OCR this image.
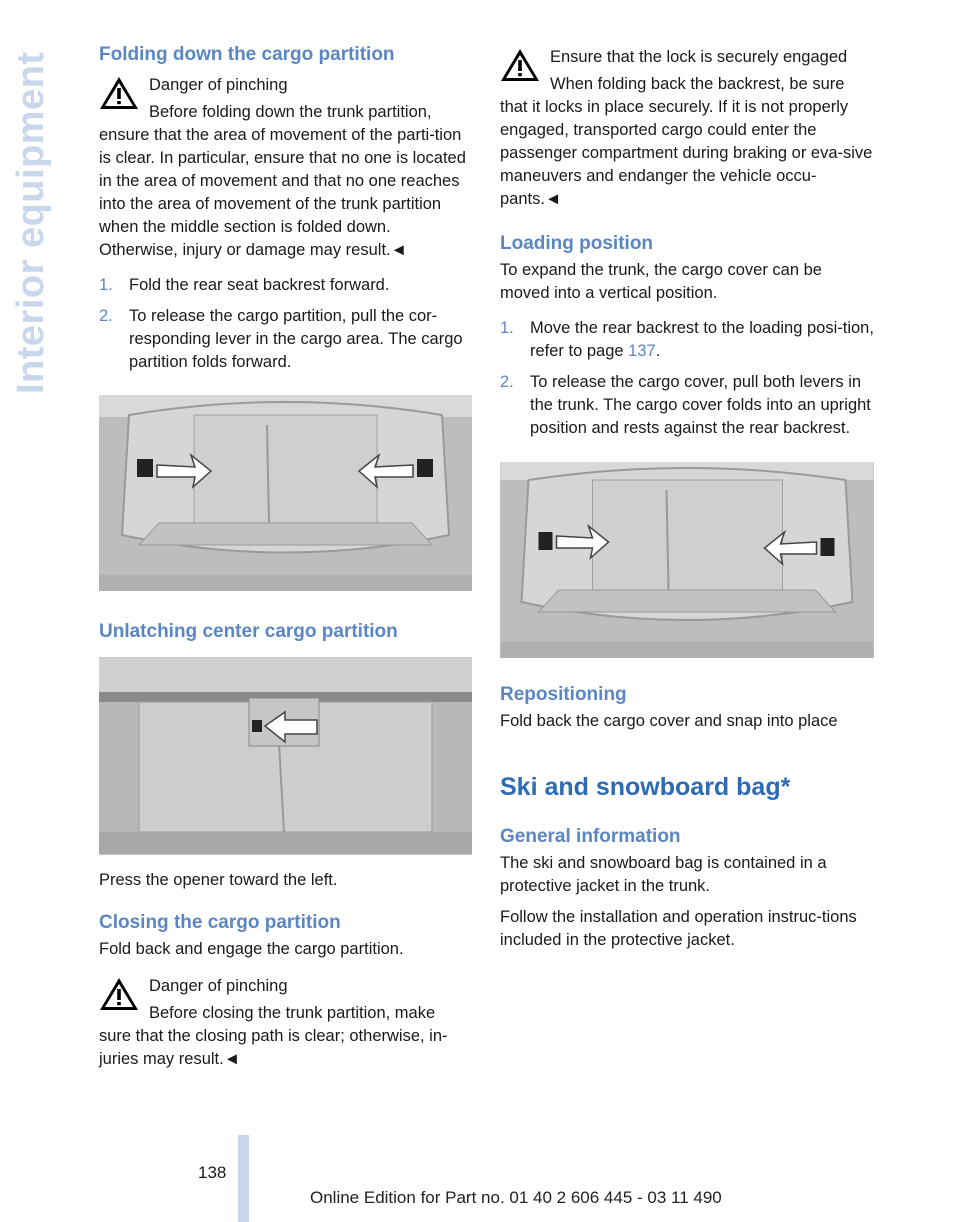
Interior equipment Folding down the cargo partition

Danger of pinching

Before folding down the trunk partition,

ensure that the area of movement of the parti-tion is clear. In particular, ensure that no one is located in the area of movement and that no one reaches into the area of movement of the trunk partition when the middle section is folded down. Otherwise, injury or damage may result.◄

1. Fold the rear seat backrest forward.
2. To release the cargo partition, pull the cor-responding lever in the cargo area. The cargo partition folds forward.
Unlatching center cargo partition

Press the opener toward the left.

Closing the cargo partition

Fold back and engage the cargo partition.

Danger of pinching

Before closing the trunk partition, make

sure that the closing path is clear; otherwise, in-juries may result.◄

Ensure that the lock is securely engaged

When folding back the backrest, be sure

that it locks in place securely. If it is not properly engaged, transported cargo could enter the passenger compartment during braking or eva-sive maneuvers and endanger the vehicle occu-pants.◄

Loading position

To expand the trunk, the cargo cover can be moved into a vertical position.

1. Move the rear backrest to the loading posi-tion, refer to page 137.
2. To release the cargo cover, pull both levers in the trunk. The cargo cover folds into an upright position and rests against the rear backrest.
Repositioning

Fold back the cargo cover and snap into place

Ski and snowboard bag*
General information

The ski and snowboard bag is contained in a protective jacket in the trunk.

Follow the installation and operation instruc-tions included in the protective jacket.

138
Online Edition for Part no. 01 40 2 606 445 - 03 11 490
